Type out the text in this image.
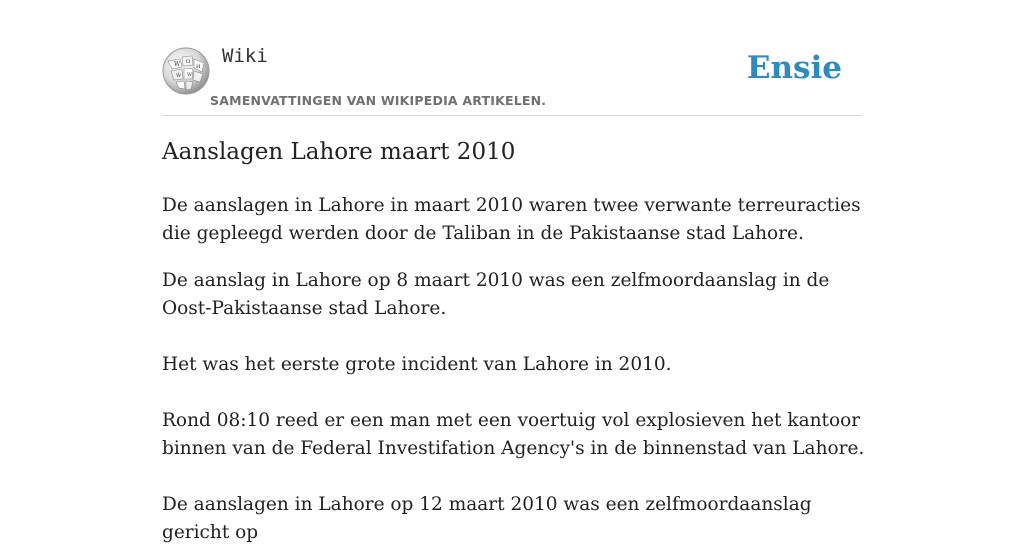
W Ω
Ŵ W
И Wiki
SAMENVATTINGEN VAN WIKIPEDIA ARTIKELEN.
Ensie
Aanslagen Lahore maart 2010

De aanslagen in Lahore in maart 2010 waren twee verwante terreuracties die gepleegd werden door de Taliban in de Pakistaanse stad Lahore.

De aanslag in Lahore op 8 maart 2010 was een zelfmoordaanslag in de Oost-Pakistaanse stad Lahore.

Het was het eerste grote incident van Lahore in 2010.

Rond 08:10 reed er een man met een voertuig vol explosieven het kantoor binnen van de Federal Investifation Agency's in de binnenstad van Lahore.

De aanslagen in Lahore op 12 maart 2010 was een zelfmoordaanslag gericht op
